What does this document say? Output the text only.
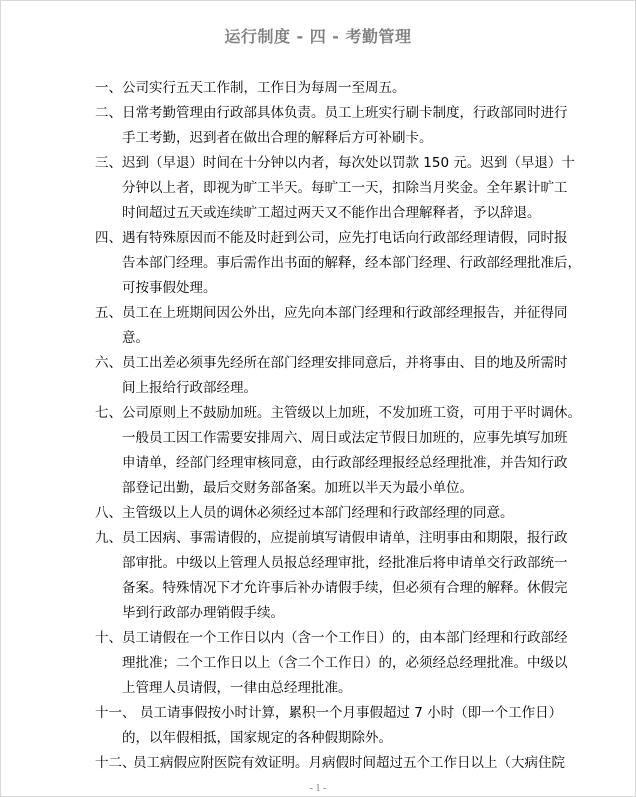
运行制度 - 四 - 考勤管理
一、 公司实行五天工作制，工作日为每周一至周五。
二、 日常考勤管理由行政部具体负责。员工上班实行刷卡制度，行政部同时进行
手工考勤，迟到者在做出合理的解释后方可补刷卡。
三、 迟到（早退）时间在十分钟以内者，每次处以罚款 150 元。迟到（早退）十
分钟以上者，即视为旷工半天。每旷工一天，扣除当月奖金。全年累计旷工
时间超过五天或连续旷工超过两天又不能作出合理解释者，予以辞退。
四、 遇有特殊原因而不能及时赶到公司，应先打电话向行政部经理请假，同时报
告本部门经理。事后需作出书面的解释，经本部门经理、行政部经理批准后，
可按事假处理。
五、 员工在上班期间因公外出，应先向本部门经理和行政部经理报告，并征得同
意。
六、 员工出差必须事先经所在部门经理安排同意后，并将事由、目的地及所需时
间上报给行政部经理。
七、 公司原则上不鼓励加班。主管级以上加班，不发加班工资，可用于平时调休。
一般员工因工作需要安排周六、周日或法定节假日加班的，应事先填写加班
申请单，经部门经理审核同意，由行政部经理报经总经理批准，并告知行政
部登记出勤，最后交财务部备案。加班以半天为最小单位。
八、 主管级以上人员的调休必须经过本部门经理和行政部经理的同意。
九、 员工因病、事需请假的，应提前填写请假申请单，注明事由和期限，报行政
部审批。中级以上管理人员报总经理审批，经批准后将申请单交行政部统一
备案。特殊情况下才允许事后补办请假手续，但必须有合理的解释。休假完
毕到行政部办理销假手续。
十、 员工请假在一个工作日以内（含一个工作日）的，由本部门经理和行政部经
理批准；二个工作日以上（含二个工作日）的，必须经总经理批准。中级以
上管理人员请假，一律由总经理批准。
十一、 员工请事假按小时计算，累积一个月事假超过 7 小时（即一个工作日）
的，以年假相抵，国家规定的各种假期除外。
十二、
员工病假应附医院有效证明。月病假时间超过五个工作日以上（大病住院
- 1 -
